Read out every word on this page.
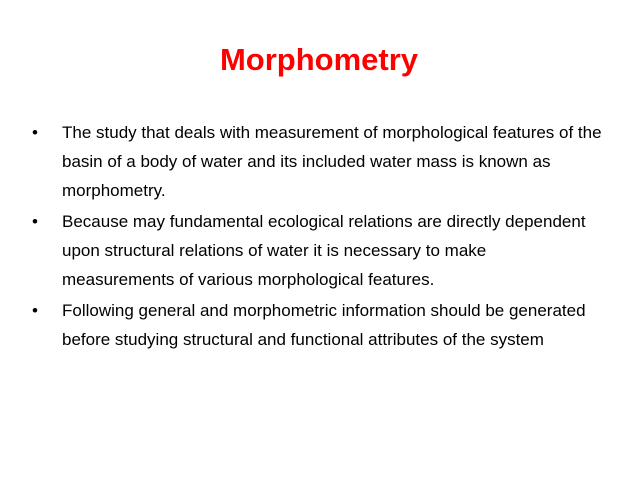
Morphometry
•	The study that deals with measurement of morphological features of the basin of a body of water and its included water mass is known as morphometry.
•	Because may fundamental ecological relations are directly dependent upon structural relations of water it is necessary to make measurements of various morphological features.
•	Following general and morphometric information should be generated before studying structural and functional attributes of the system
